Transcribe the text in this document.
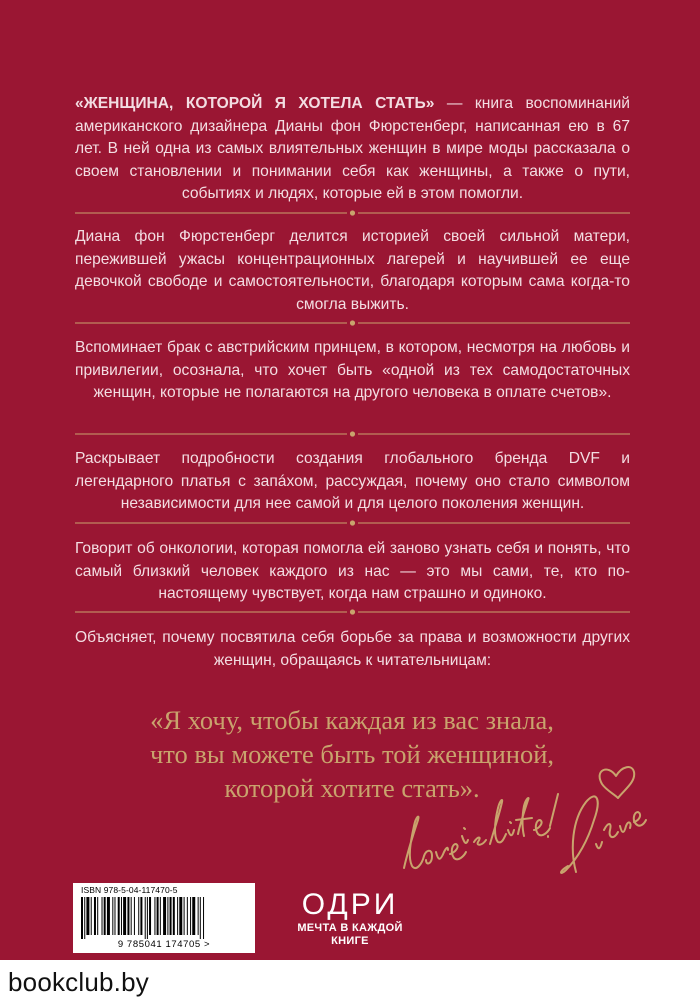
«ЖЕНЩИНА, КОТОРОЙ Я ХОТЕЛА СТАТЬ» — книга воспоминаний американского дизайнера Дианы фон Фюрстенберг, написанная ею в 67 лет. В ней одна из самых влиятельных женщин в мире моды рассказала о своем становлении и понимании себя как женщины, а также о пути, событиях и людях, которые ей в этом помогли.

Диана фон Фюрстенберг делится историей своей сильной матери, пережившей ужасы концентрационных лагерей и научившей ее еще девочкой свободе и самостоятельности, благодаря которым сама когда-то смогла выжить.

Вспоминает брак с австрийским принцем, в котором, несмотря на любовь и привилегии, осознала, что хочет быть «одной из тех самодостаточных женщин, которые не полагаются на другого человека в оплате счетов».

Раскрывает подробности создания глобального бренда DVF и легендарного платья с запáхом, рассуждая, почему оно стало символом независимости для нее самой и для целого поколения женщин.

Говорит об онкологии, которая помогла ей заново узнать себя и понять, что самый близкий человек каждого из нас — это мы сами, те, кто по-настоящему чувствует, когда нам страшно и одиноко.

Объясняет, почему посвятила себя борьбе за права и возможности других женщин, обращаясь к читательницам:

«Я хочу, чтобы каждая из вас знала,
что вы можете быть той женщиной,
которой хотите стать».
ISBN 978-5-04-117470-5
9 785041 174705 >
ОДРИ
МЕЧТА В КАЖДОЙ
КНИГЕ
bookclub.by
